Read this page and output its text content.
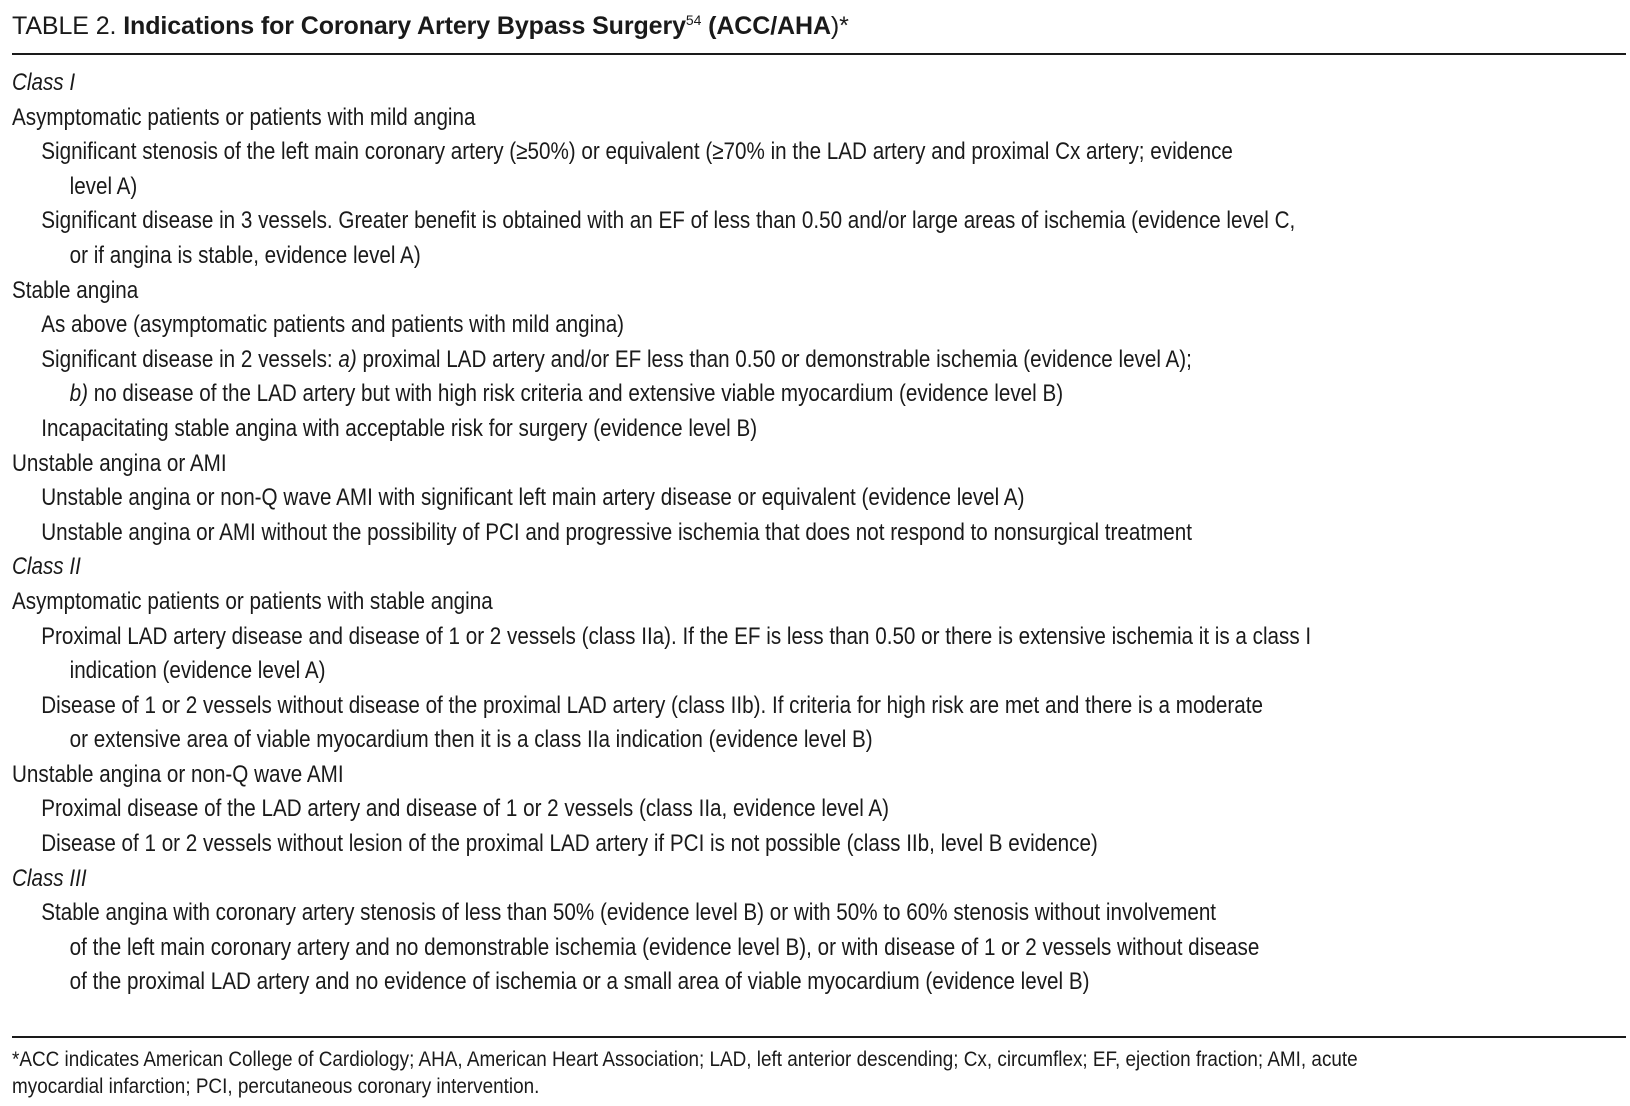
TABLE 2. Indications for Coronary Artery Bypass Surgery$^{54}$ (ACC/AHA)*
Class I
Asymptomatic patients or patients with mild angina
Significant stenosis of the left main coronary artery (≥50%) or equivalent (≥70% in the LAD artery and proximal Cx artery; evidence
level A)
Significant disease in 3 vessels. Greater benefit is obtained with an EF of less than 0.50 and/or large areas of ischemia (evidence level C,
or if angina is stable, evidence level A)
Stable angina
As above (asymptomatic patients and patients with mild angina)
Significant disease in 2 vessels: a) proximal LAD artery and/or EF less than 0.50 or demonstrable ischemia (evidence level A);
b) no disease of the LAD artery but with high risk criteria and extensive viable myocardium (evidence level B)
Incapacitating stable angina with acceptable risk for surgery (evidence level B)
Unstable angina or AMI
Unstable angina or non-Q wave AMI with significant left main artery disease or equivalent (evidence level A)
Unstable angina or AMI without the possibility of PCI and progressive ischemia that does not respond to nonsurgical treatment
Class II
Asymptomatic patients or patients with stable angina
Proximal LAD artery disease and disease of 1 or 2 vessels (class IIa). If the EF is less than 0.50 or there is extensive ischemia it is a class I
indication (evidence level A)
Disease of 1 or 2 vessels without disease of the proximal LAD artery (class IIb). If criteria for high risk are met and there is a moderate
or extensive area of viable myocardium then it is a class IIa indication (evidence level B)
Unstable angina or non-Q wave AMI
Proximal disease of the LAD artery and disease of 1 or 2 vessels (class IIa, evidence level A)
Disease of 1 or 2 vessels without lesion of the proximal LAD artery if PCI is not possible (class IIb, level B evidence)
Class III
Stable angina with coronary artery stenosis of less than 50% (evidence level B) or with 50% to 60% stenosis without involvement
of the left main coronary artery and no demonstrable ischemia (evidence level B), or with disease of 1 or 2 vessels without disease
of the proximal LAD artery and no evidence of ischemia or a small area of viable myocardium (evidence level B)
*ACC indicates American College of Cardiology; AHA, American Heart Association; LAD, left anterior descending; Cx, circumflex; EF, ejection fraction; AMI, acute
myocardial infarction; PCI, percutaneous coronary intervention.
